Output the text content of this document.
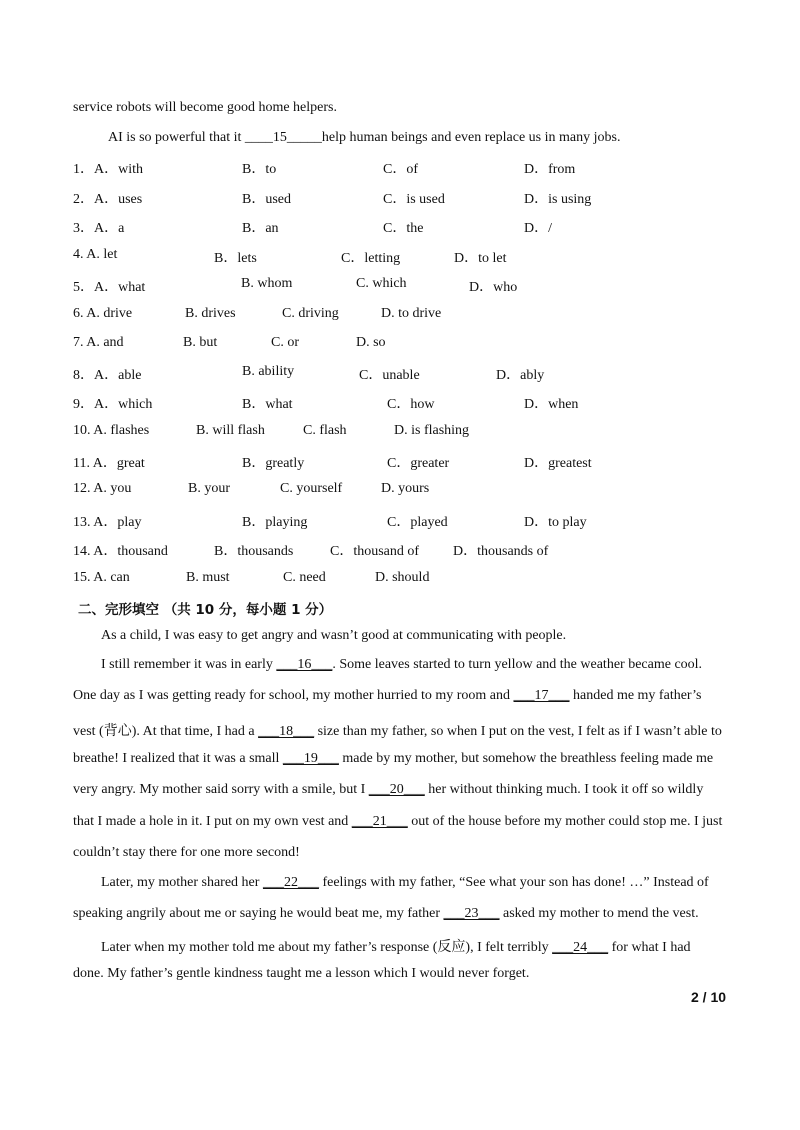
service robots will become good home helpers.
AI is so powerful that it ____15_____help human beings and even replace us in many jobs.
1．A．with	B．to	C．of	D．from
2．A．uses	B．used	C．is used	D．is using
3．A．a	B．an	C．the	D．/
4. A. let	B．lets	C．letting	D．to let
5．A．what	B. whom	C. which	D．who
6. A. drive	B. drives	C. driving	D. to drive
7. A. and	B. but	C. or	D. so
8．A．able	B. ability	C．unable	D．ably
9．A．which	B．what	C．how	D．when
10. A. flashes	B. will flash	C. flash	D. is flashing
11. A．great	B．greatly	C．greater	D．greatest
12. A. you	B. your	C. yourself	D. yours
13. A．play	B．playing	C．played	D．to play
14. A．thousand	B．thousands	C．thousand of D．thousands of
15. A. can	B. must	C. need	D. should
二、完形填空 （共 10 分，每小题 1 分）
As a child, I was easy to get angry and wasn’t good at communicating with people.
I still remember it was in early ___16___. Some leaves started to turn yellow and the weather became cool.
One day as I was getting ready for school, my mother hurried to my room and ___17___ handed me my father’s
vest (背心). At that time, I had a ___18___ size than my father, so when I put on the vest, I felt as if I wasn’t able to
breathe! I realized that it was a small ___19___ made by my mother, but somehow the breathless feeling made me
very angry. My mother said sorry with a smile, but I ___20___ her without thinking much. I took it off so wildly
that I made a hole in it. I put on my own vest and ___21___ out of the house before my mother could stop me. I just
couldn’t stay there for one more second!
Later, my mother shared her ___22___ feelings with my father, “See what your son has done! …” Instead of
speaking angrily about me or saying he would beat me, my father ___23___ asked my mother to mend the vest.
Later when my mother told me about my father’s response (反应), I felt terribly ___24___ for what I had
done. My father’s gentle kindness taught me a lesson which I would never forget.
2 / 10
